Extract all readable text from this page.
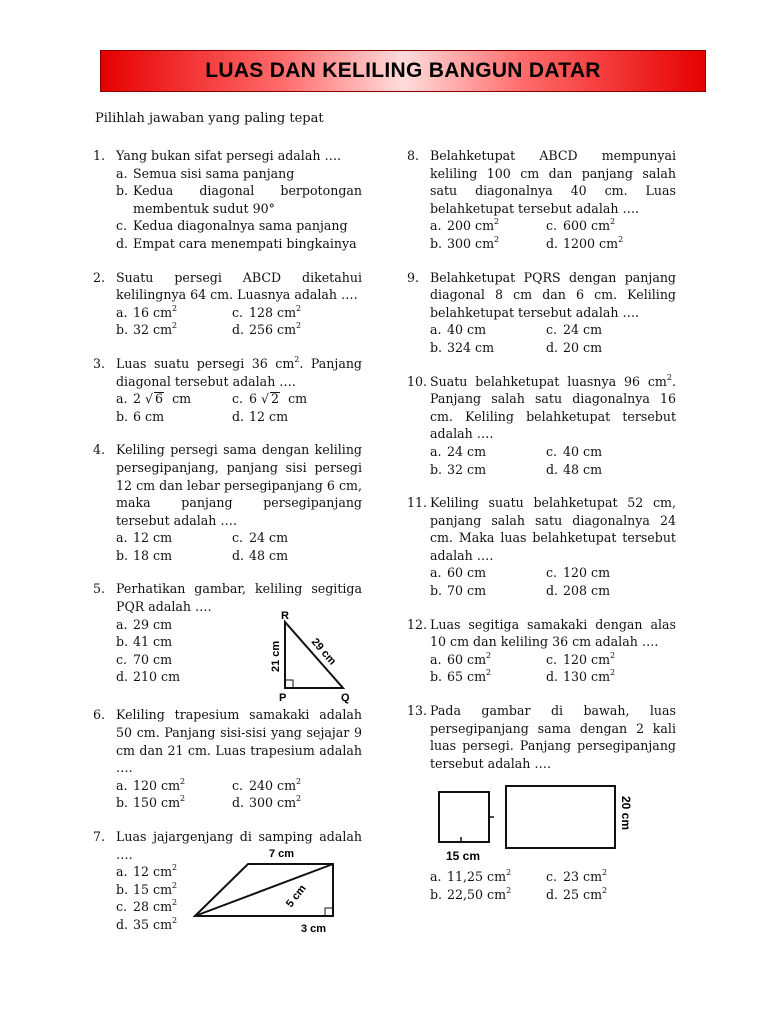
LUAS DAN KELILING BANGUN DATAR
Pilihlah jawaban yang paling tepat
1. Yang bukan sifat persegi adalah ….
a. Semua sisi sama panjang
b. Kedua diagonal berpotongan membentuk sudut 90°
c. Kedua diagonalnya sama panjang
d. Empat cara menempati bingkainya
2. Suatu persegi ABCD diketahui kelilingnya 64 cm. Luasnya adalah ….
a. 16 $cm^2$	c. 128 $cm^2$
b. 32 $cm^2$	d. 256 $cm^2$
3. Luas suatu persegi 36 $cm^2$. Panjang diagonal tersebut adalah ….
a. 2 √ 6 cm	c. 6 √ 2 cm
b. 6 cm	d. 12 cm
4. Keliling persegi sama dengan keliling persegipanjang, panjang sisi persegi 12 cm dan lebar persegipanjang 6 cm, maka panjang persegipanjang tersebut adalah ….
a. 12 cm	c. 24 cm
b. 18 cm	d. 48 cm
5. Perhatikan gambar, keliling segitiga PQR adalah ….
a. 29 cm
b. 41 cm
c. 70 cm
d. 210 cm
R
P	Q
21 cm 29 cm
6. Keliling trapesium samakaki adalah 50 cm. Panjang sisi-sisi yang sejajar 9 cm dan 21 cm. Luas trapesium adalah ….
a. 120 $cm^2$	c. 240 $cm^2$
b. 150 $cm^2$	d. 300 $cm^2$
7. Luas jajargenjang di samping adalah ….
a. 12 $cm^2$
b. 15 $cm^2$
c. 28 $cm^2$
d. 35 $cm^2$
7 cm
5 cm
3 cm
8. Belahketupat ABCD mempunyai keliling 100 cm dan panjang salah satu diagonalnya 40 cm. Luas belahketupat tersebut adalah ….
a. 200 $cm^2$	c. 600 $cm^2$
b. 300 $cm^2$	d. 1200 $cm^2$
9. Belahketupat PQRS dengan panjang diagonal 8 cm dan 6 cm. Keliling belahketupat tersebut adalah ….
a. 40 cm	c. 24 cm
b. 324 cm	d. 20 cm
10. Suatu belahketupat luasnya 96 $cm^2$. Panjang salah satu diagonalnya 16 cm. Keliling belahketupat tersebut adalah ….
a. 24 cm	c. 40 cm
b. 32 cm	d. 48 cm
11. Keliling suatu belahketupat 52 cm, panjang salah satu diagonalnya 24 cm. Maka luas belahketupat tersebut adalah ….
a. 60 cm	c. 120 cm
b. 70 cm	d. 208 cm
12. Luas segitiga samakaki dengan alas 10 cm dan keliling 36 cm adalah ….
a. 60 $cm^2$	c. 120 $cm^2$
b. 65 $cm^2$	d. 130 $cm^2$
13. Pada gambar di bawah, luas persegipanjang sama dengan 2 kali luas persegi. Panjang persegipanjang tersebut adalah ….
15 cm
20 cm
a. 11,25 $cm^2$	c. 23 $cm^2$
b. 22,50 $cm^2$	d. 25 $cm^2$
